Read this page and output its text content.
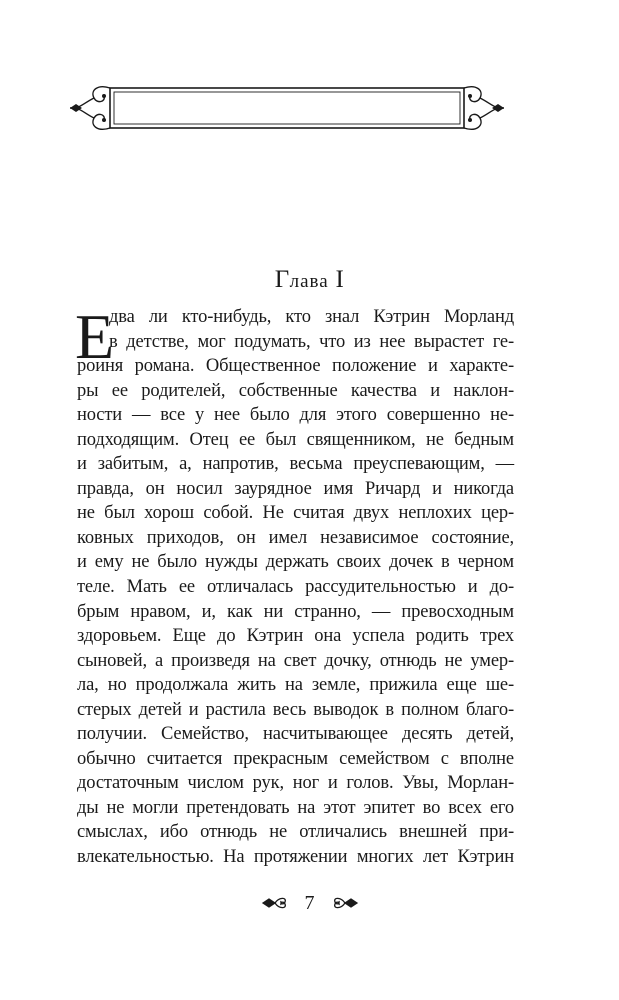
Глава I
Е
два ли кто-нибудь, кто знал Кэтрин Морланд
в детстве, мог подумать, что из нее вырастет ге-
роиня романа. Общественное положение и характе-
ры ее родителей, собственные качества и наклон-
ности — все у нее было для этого совершенно не-
подходящим. Отец ее был священником, не бедным
и забитым, а, напротив, весьма преуспевающим, —
правда, он носил заурядное имя Ричард и никогда
не был хорош собой. Не считая двух неплохих цер-
ковных приходов, он имел независимое состояние,
и ему не было нужды держать своих дочек в черном
теле. Мать ее отличалась рассудительностью и до-
брым нравом, и, как ни странно, — превосходным
здоровьем. Еще до Кэтрин она успела родить трех
сыновей, а произведя на свет дочку, отнюдь не умер-
ла, но продолжала жить на земле, прижила еще ше-
стерых детей и растила весь выводок в полном благо-
получии. Семейство, насчитывающее десять детей,
обычно считается прекрасным семейством с вполне
достаточным числом рук, ног и голов. Увы, Морлан-
ды не могли претендовать на этот эпитет во всех его
смыслах, ибо отнюдь не отличались внешней при-
влекательностью. На протяжении многих лет Кэтрин
7
